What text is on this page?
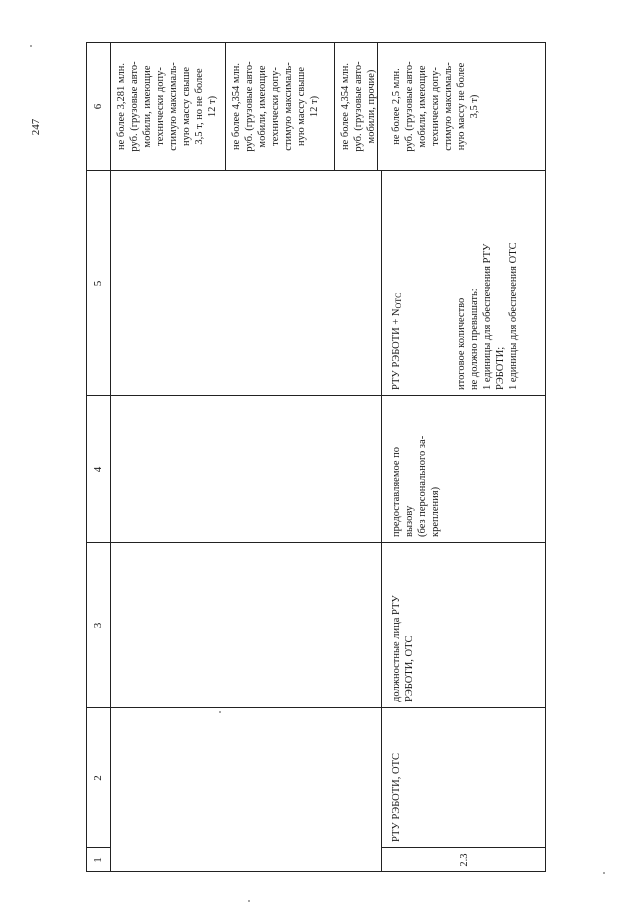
247
1
2
3
4
5
6
не более 3,281 млн.
руб. (грузовые авто-
мобили, имеющие
технически допу-
стимую максималь-
ную массу свыше
3,5 т, но не более
12 т)
не более 4,354 млн.
руб. (грузовые авто-
мобили, имеющие
технически допу-
стимую максималь-
ную массу свыше
12 т)
не более 4,354 млн.
руб. (грузовые авто-
мобили, прочие)
2.3
РТУ РЭБОТИ, ОТС
должностные лица РТУ
РЭБОТИ, ОТС
предоставляемое по
вызову
(без персонального за-
крепления)
РТУ РЭБОТИ + $N_{ОТС}$
итоговое количество
не должно превышать:
1 единицы для обеспечения РТУ
РЭБОТИ;
1 единицы для обеспечения ОТС
не более 2,5 млн.
руб. (грузовые авто-
мобили, имеющие
технически допу-
стимую максималь-
ную массу не более
3,5 т)
